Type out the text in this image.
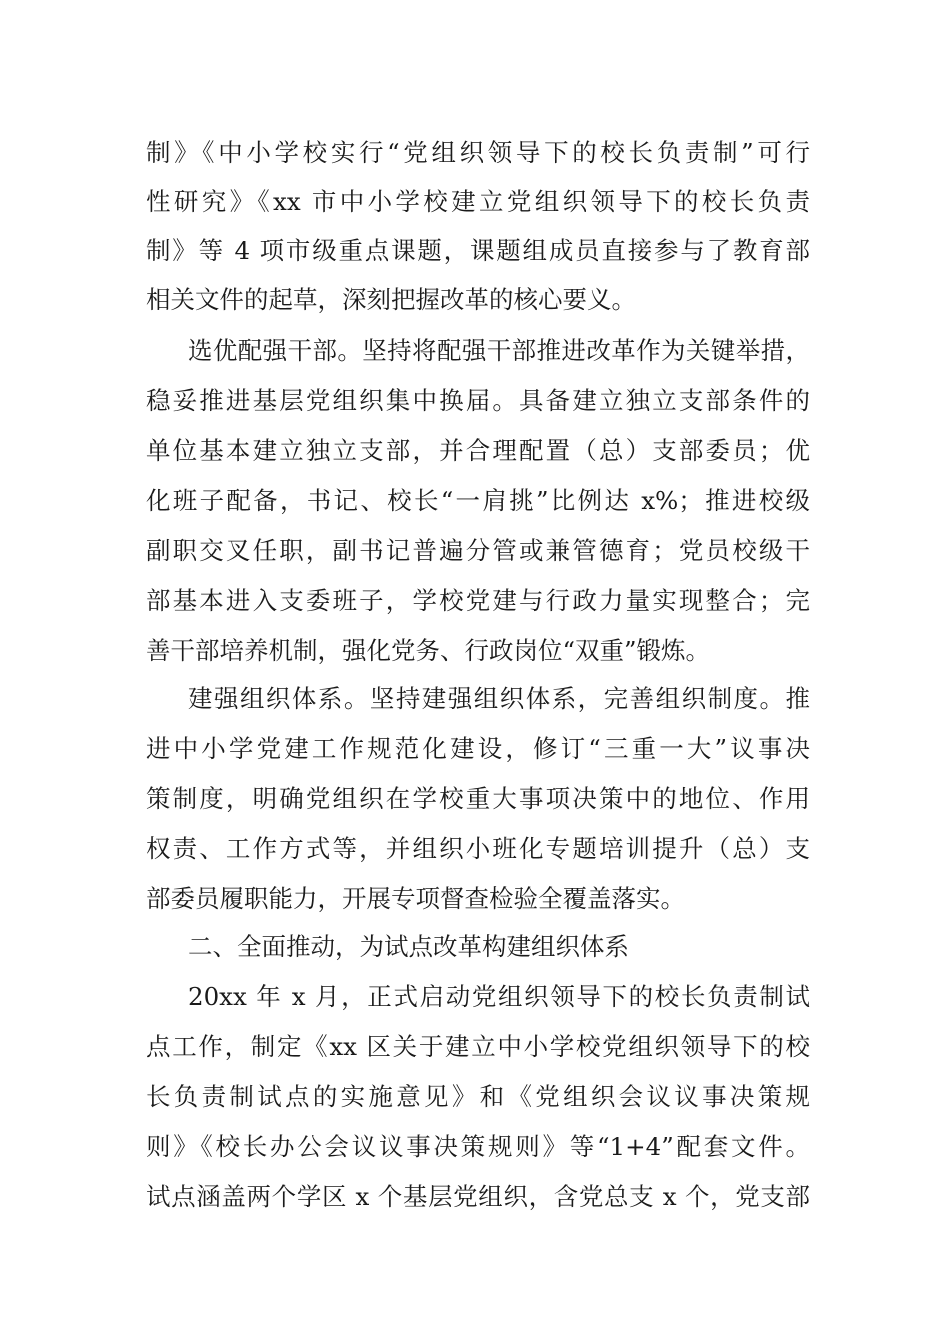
制》《中小学校实行“党组织领导下的校长负责制”可行
性研究》《xx 市中小学校建立党组织领导下的校长负责
制》等 4 项市级重点课题，课题组成员直接参与了教育部
相关文件的起草，深刻把握改革的核心要义。
选优配强干部。坚持将配强干部推进改革作为关键举措，
稳妥推进基层党组织集中换届。具备建立独立支部条件的
单位基本建立独立支部，并合理配置（总）支部委员；优
化班子配备，书记、校长“一肩挑”比例达 x%；推进校级
副职交叉任职，副书记普遍分管或兼管德育；党员校级干
部基本进入支委班子，学校党建与行政力量实现整合；完
善干部培养机制，强化党务、行政岗位“双重”锻炼。
建强组织体系。坚持建强组织体系，完善组织制度。推
进中小学党建工作规范化建设，修订“三重一大”议事决
策制度，明确党组织在学校重大事项决策中的地位、作用
权责、工作方式等，并组织小班化专题培训提升（总）支
部委员履职能力，开展专项督查检验全覆盖落实。
二、全面推动，为试点改革构建组织体系
20xx 年 x 月，正式启动党组织领导下的校长负责制试
点工作，制定《xx 区关于建立中小学校党组织领导下的校
长负责制试点的实施意见》和《党组织会议议事决策规
则》《校长办公会议议事决策规则》等“1+4”配套文件。
试点涵盖两个学区 x 个基层党组织，含党总支 x 个，党支部
